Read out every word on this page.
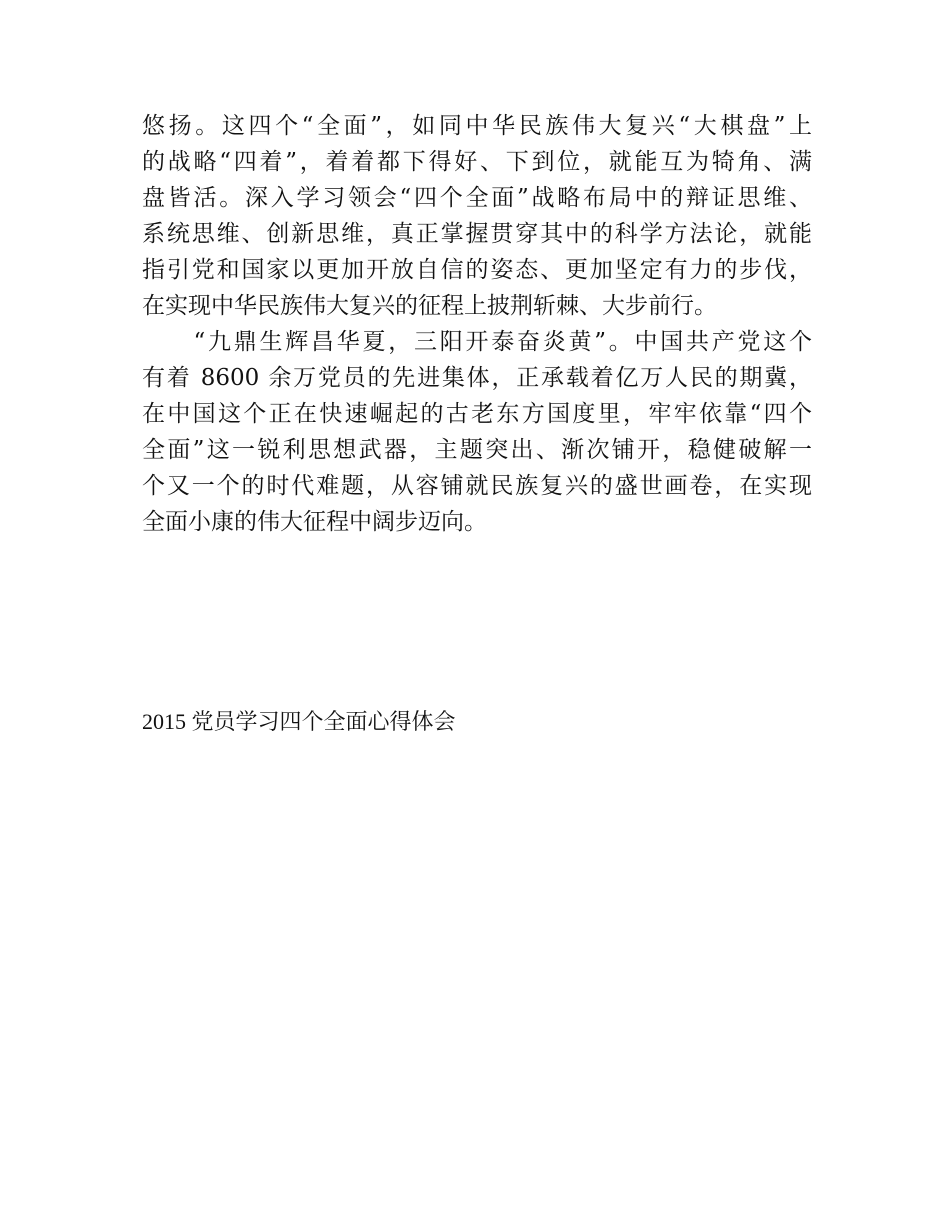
悠扬。这四个“全面”，如同中华民族伟大复兴“大棋盘”上
的战略“四着”，着着都下得好、下到位，就能互为犄角、满
盘皆活。深入学习领会“四个全面”战略布局中的辩证思维、
系统思维、创新思维，真正掌握贯穿其中的科学方法论，就能
指引党和国家以更加开放自信的姿态、更加坚定有力的步伐，
在实现中华民族伟大复兴的征程上披荆斩棘、大步前行。
　　“九鼎生辉昌华夏，三阳开泰奋炎黄”。中国共产党这个
有着 8600 余万党员的先进集体，正承载着亿万人民的期冀，
在中国这个正在快速崛起的古老东方国度里，牢牢依靠“四个
全面”这一锐利思想武器，主题突出、渐次铺开，稳健破解一
个又一个的时代难题，从容铺就民族复兴的盛世画卷，在实现
全面小康的伟大征程中阔步迈向。
2015 党员学习四个全面心得体会
